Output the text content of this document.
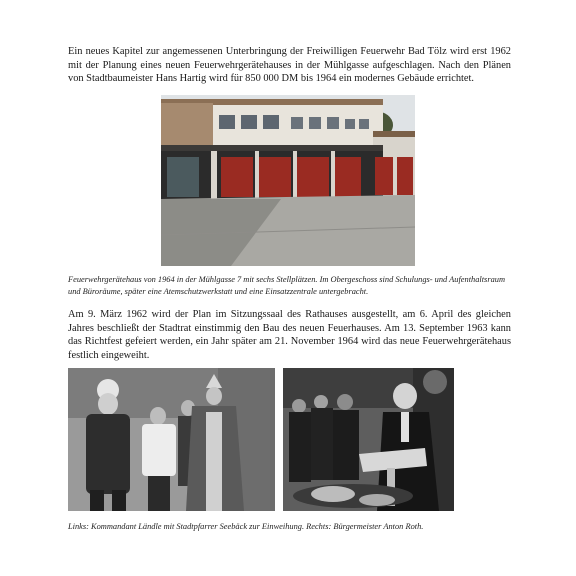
Ein neues Kapitel zur angemessenen Unterbringung der Freiwilligen Feuerwehr Bad Tölz wird erst 1962 mit der Planung eines neuen Feuerwehrgerätehauses in der Mühlgasse aufgeschlagen. Nach den Plänen von Stadtbaumeister Hans Hartig wird für 850 000 DM bis 1964 ein modernes Gebäude errichtet.

Feuerwehrgerätehaus von 1964 in der Mühlgasse 7 mit sechs Stellplätzen. Im Obergeschoss sind Schulungs- und Aufenthaltsraum und Büroräume, später eine Atemschutzwerkstatt und eine Einsatzzentrale untergebracht.

Am 9. März 1962 wird der Plan im Sitzungssaal des Rathauses ausgestellt, am 6. April des gleichen Jahres beschließt der Stadtrat einstimmig den Bau des neuen Feuerhauses. Am 13. September 1963 kann das Richtfest gefeiert werden, ein Jahr später am 21. November 1964 wird das neue Feuerwehrgerätehaus festlich eingeweiht.

Links: Kommandant Ländle mit Stadtpfarrer Seebäck zur Einweihung. Rechts: Bürgermeister Anton Roth.
